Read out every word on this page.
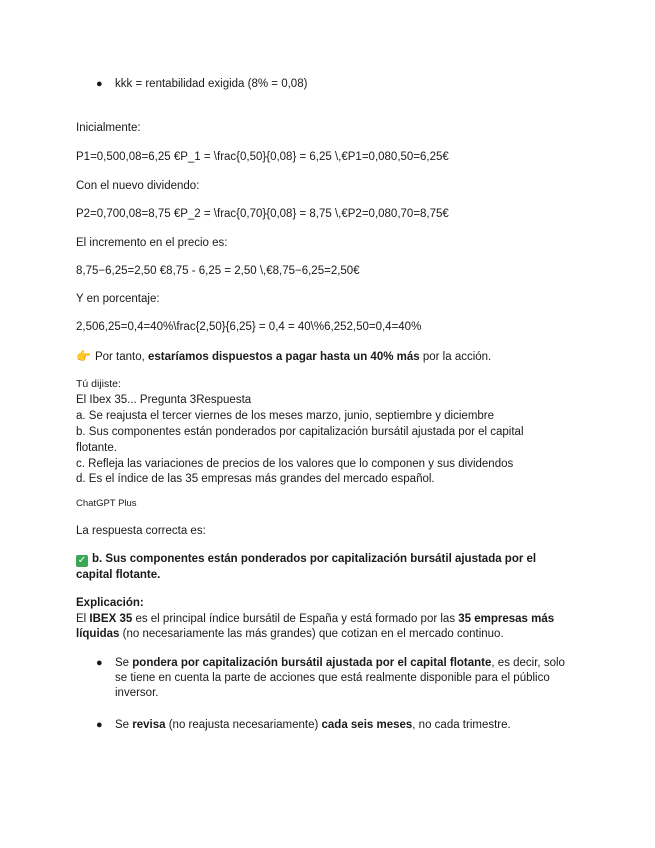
● kkk = rentabilidad exigida (8% = 0,08)
Inicialmente:
P1=0,500,08=6,25 €P_1 = \frac{0,50}{0,08} = 6,25 \,€P1=0,080,50=6,25€
Con el nuevo dividendo:
P2=0,700,08=8,75 €P_2 = \frac{0,70}{0,08} = 8,75 \,€P2=0,080,70=8,75€
El incremento en el precio es:
8,75−6,25=2,50 €8,75 - 6,25 = 2,50 \,€8,75−6,25=2,50€
Y en porcentaje:
2,506,25=0,4=40%\frac{2,50}{6,25} = 0,4 = 40\%6,252,50=0,4=40%
👉 Por tanto, estaríamos dispuestos a pagar hasta un 40% más por la acción.
Tú dijiste:
El Ibex 35... Pregunta 3Respuesta
a. Se reajusta el tercer viernes de los meses marzo, junio, septiembre y diciembre
b. Sus componentes están ponderados por capitalización bursátil ajustada por el capital
flotante.
c. Refleja las variaciones de precios de los valores que lo componen y sus dividendos
d. Es el índice de las 35 empresas más grandes del mercado español.
ChatGPT Plus
La respuesta correcta es:
✓ b. Sus componentes están ponderados por capitalización bursátil ajustada por el
capital flotante.
Explicación:
El IBEX 35 es el principal índice bursátil de España y está formado por las 35 empresas más
líquidas (no necesariamente las más grandes) que cotizan en el mercado continuo.
● Se pondera por capitalización bursátil ajustada por el capital flotante, es decir, solo se tiene en cuenta la parte de acciones que está realmente disponible para el público inversor.
● Se revisa (no reajusta necesariamente) cada seis meses, no cada trimestre.
